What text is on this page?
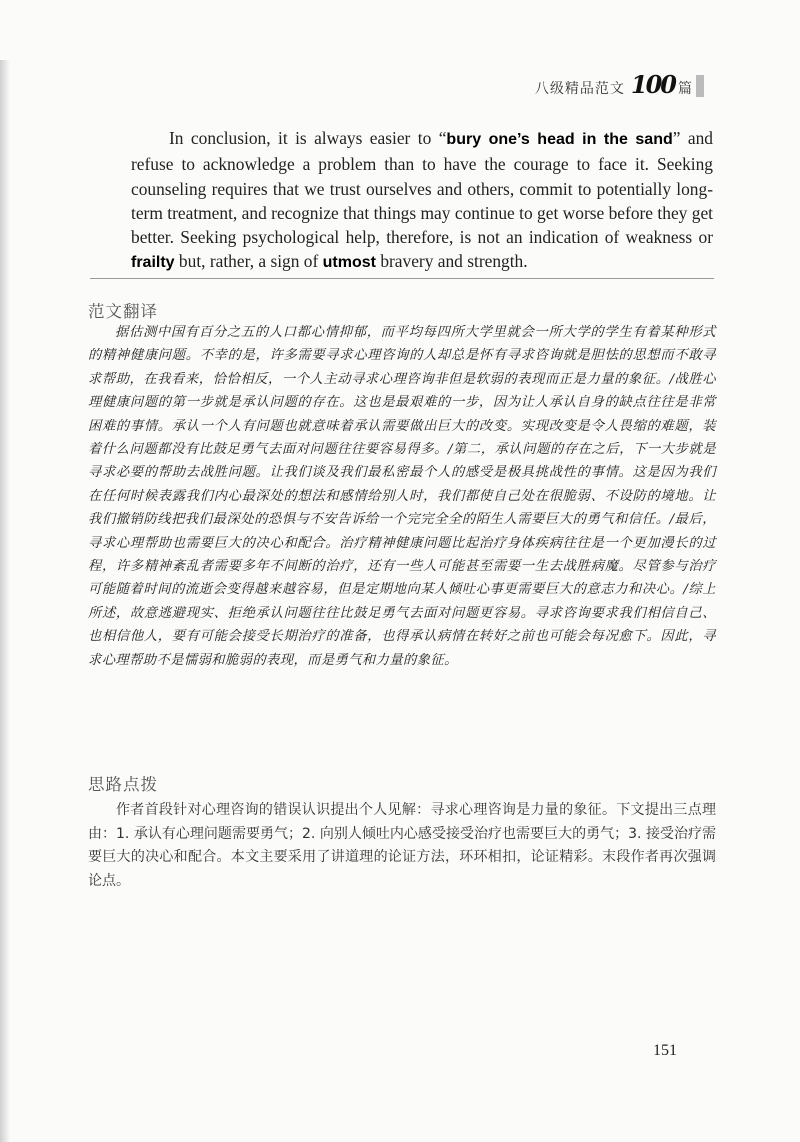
八级精品范文 100 篇

In conclusion, it is always easier to “bury one’s head in the sand” and refuse to acknowledge a problem than to have the courage to face it. Seeking counseling requires that we trust ourselves and others, commit to potentially long-term treatment, and recognize that things may continue to get worse before they get better. Seeking psychological help, therefore, is not an indication of weakness or frailty but, rather, a sign of utmost bravery and strength.

范文翻译

据估测中国有百分之五的人口都心情抑郁，而平均每四所大学里就会一所大学的学生有着某种形式的精神健康问题。不幸的是，许多需要寻求心理咨询的人却总是怀有寻求咨询就是胆怯的思想而不敢寻求帮助，在我看来，恰恰相反，一个人主动寻求心理咨询非但是软弱的表现而正是力量的象征。/战胜心理健康问题的第一步就是承认问题的存在。这也是最艰难的一步，因为让人承认自身的缺点往往是非常困难的事情。承认一个人有问题也就意味着承认需要做出巨大的改变。实现改变是令人畏缩的难题，装着什么问题都没有比鼓足勇气去面对问题往往要容易得多。/第二，承认问题的存在之后，下一大步就是寻求必要的帮助去战胜问题。让我们谈及我们最私密最个人的感受是极具挑战性的事情。这是因为我们在任何时候表露我们内心最深处的想法和感情给别人时，我们都使自己处在很脆弱、不设防的境地。让我们撤销防线把我们最深处的恐惧与不安告诉给一个完完全全的陌生人需要巨大的勇气和信任。/最后，寻求心理帮助也需要巨大的决心和配合。治疗精神健康问题比起治疗身体疾病往往是一个更加漫长的过程，许多精神紊乱者需要多年不间断的治疗，还有一些人可能甚至需要一生去战胜病魔。尽管参与治疗可能随着时间的流逝会变得越来越容易，但是定期地向某人倾吐心事更需要巨大的意志力和决心。/综上所述，故意逃避现实、拒绝承认问题往往比鼓足勇气去面对问题更容易。寻求咨询要求我们相信自己、也相信他人，要有可能会接受长期治疗的准备，也得承认病情在转好之前也可能会每况愈下。因此，寻求心理帮助不是懦弱和脆弱的表现，而是勇气和力量的象征。

思路点拨

作者首段针对心理咨询的错误认识提出个人见解：寻求心理咨询是力量的象征。下文提出三点理由：1. 承认有心理问题需要勇气；2. 向别人倾吐内心感受接受治疗也需要巨大的勇气；3. 接受治疗需要巨大的决心和配合。本文主要采用了讲道理的论证方法，环环相扣，论证精彩。末段作者再次强调论点。

151
